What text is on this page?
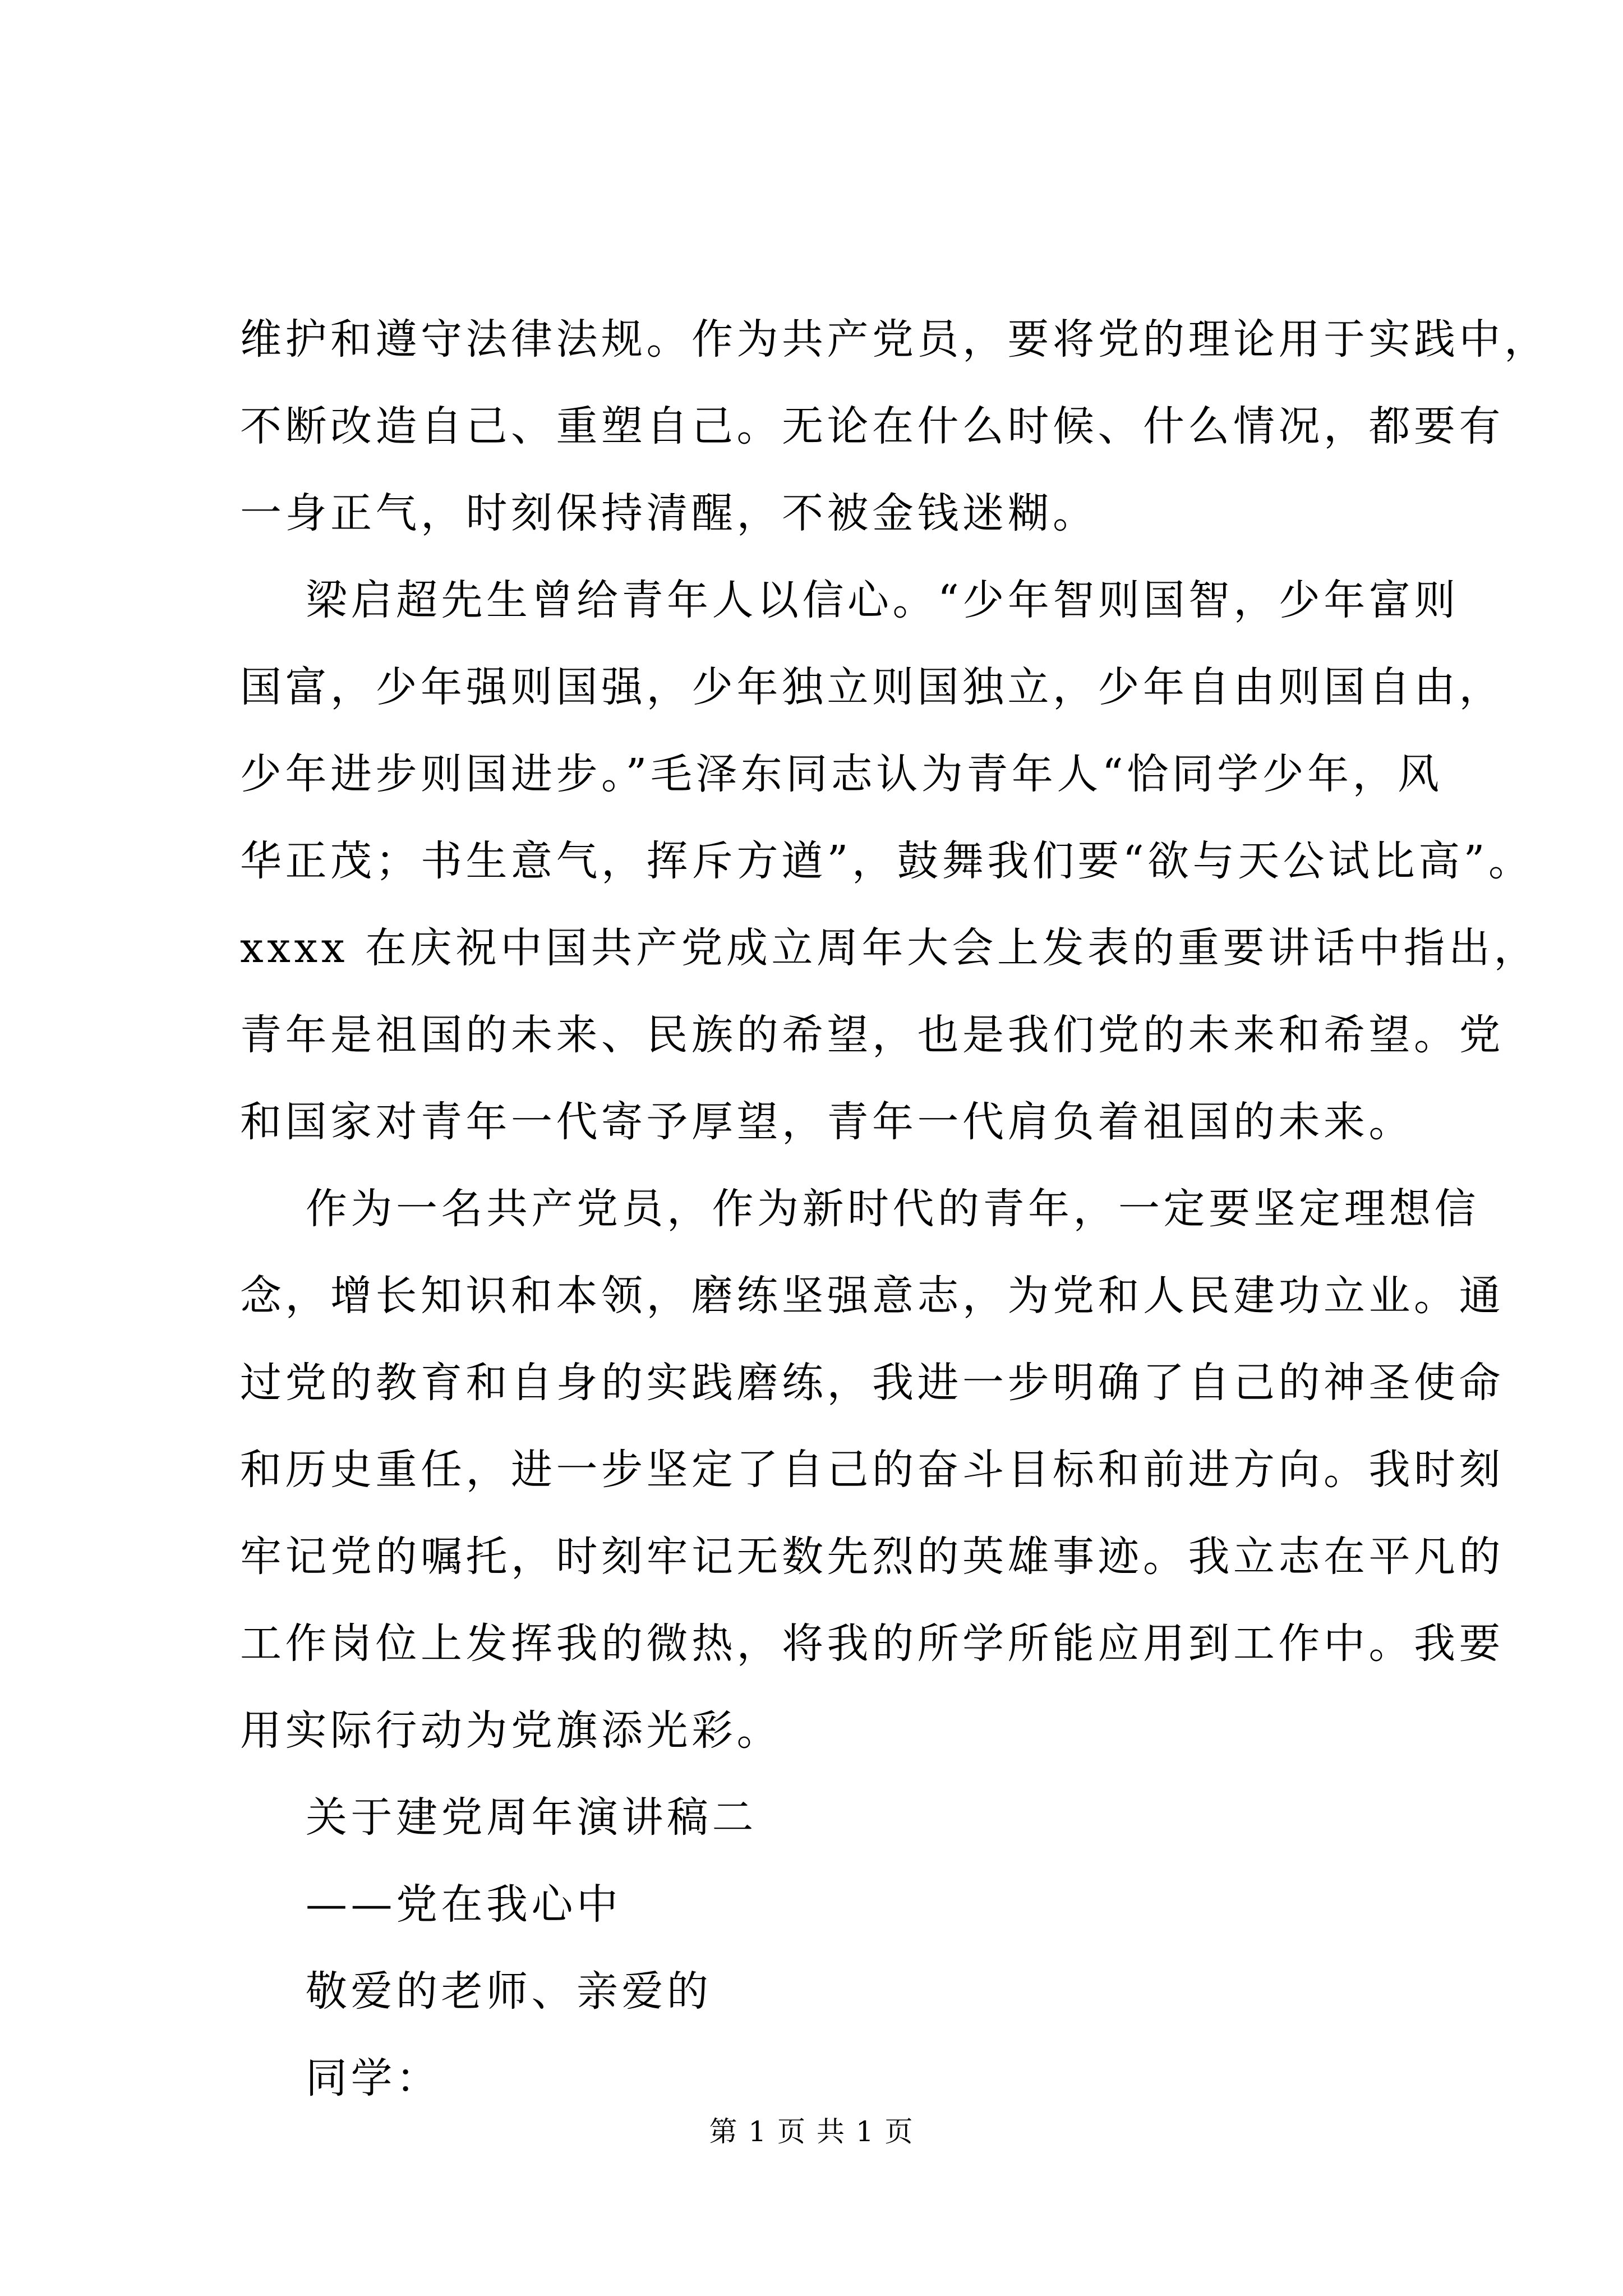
维护和遵守法律法规。作为共产党员，要将党的理论用于实践中，
不断改造自己、重塑自己。无论在什么时候、什么情况，都要有
一身正气，时刻保持清醒，不被金钱迷糊。
梁启超先生曾给青年人以信心。“少年智则国智，少年富则
国富，少年强则国强，少年独立则国独立，少年自由则国自由，
少年进步则国进步。”毛泽东同志认为青年人“恰同学少年，风
华正茂；书生意气，挥斥方遒”，鼓舞我们要“欲与天公试比高”。
xxxx 在庆祝中国共产党成立周年大会上发表的重要讲话中指出，
青年是祖国的未来、民族的希望，也是我们党的未来和希望。党
和国家对青年一代寄予厚望，青年一代肩负着祖国的未来。
作为一名共产党员，作为新时代的青年，一定要坚定理想信
念，增长知识和本领，磨练坚强意志，为党和人民建功立业。通
过党的教育和自身的实践磨练，我进一步明确了自己的神圣使命
和历史重任，进一步坚定了自己的奋斗目标和前进方向。我时刻
牢记党的嘱托，时刻牢记无数先烈的英雄事迹。我立志在平凡的
工作岗位上发挥我的微热，将我的所学所能应用到工作中。我要
用实际行动为党旗添光彩。
关于建党周年演讲稿二
——党在我心中
敬爱的老师、亲爱的
同学：
第 1 页 共 1 页
